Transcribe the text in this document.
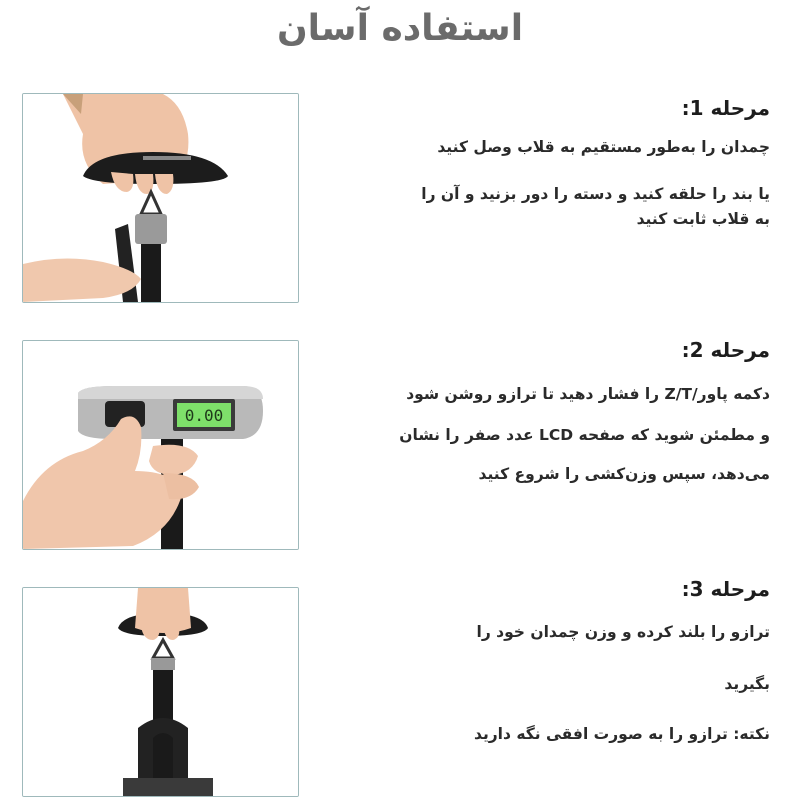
استفاده آسان
0.00

مرحله 1:

چمدان را به‌طور مستقیم به قلاب وصل کنید

یا بند را حلقه کنید و دسته را دور بزنید و آن را

به قلاب ثابت کنید

مرحله 2:

دکمه پاور/Z/T را فشار دهید تا ترازو روشن شود

و مطمئن شوید که صفحه LCD عدد صفر را نشان

می‌دهد، سپس وزن‌کشی را شروع کنید

مرحله 3:

ترازو را بلند کرده و وزن چمدان خود را

بگیرید

نکته: ترازو را به صورت افقی نگه دارید
